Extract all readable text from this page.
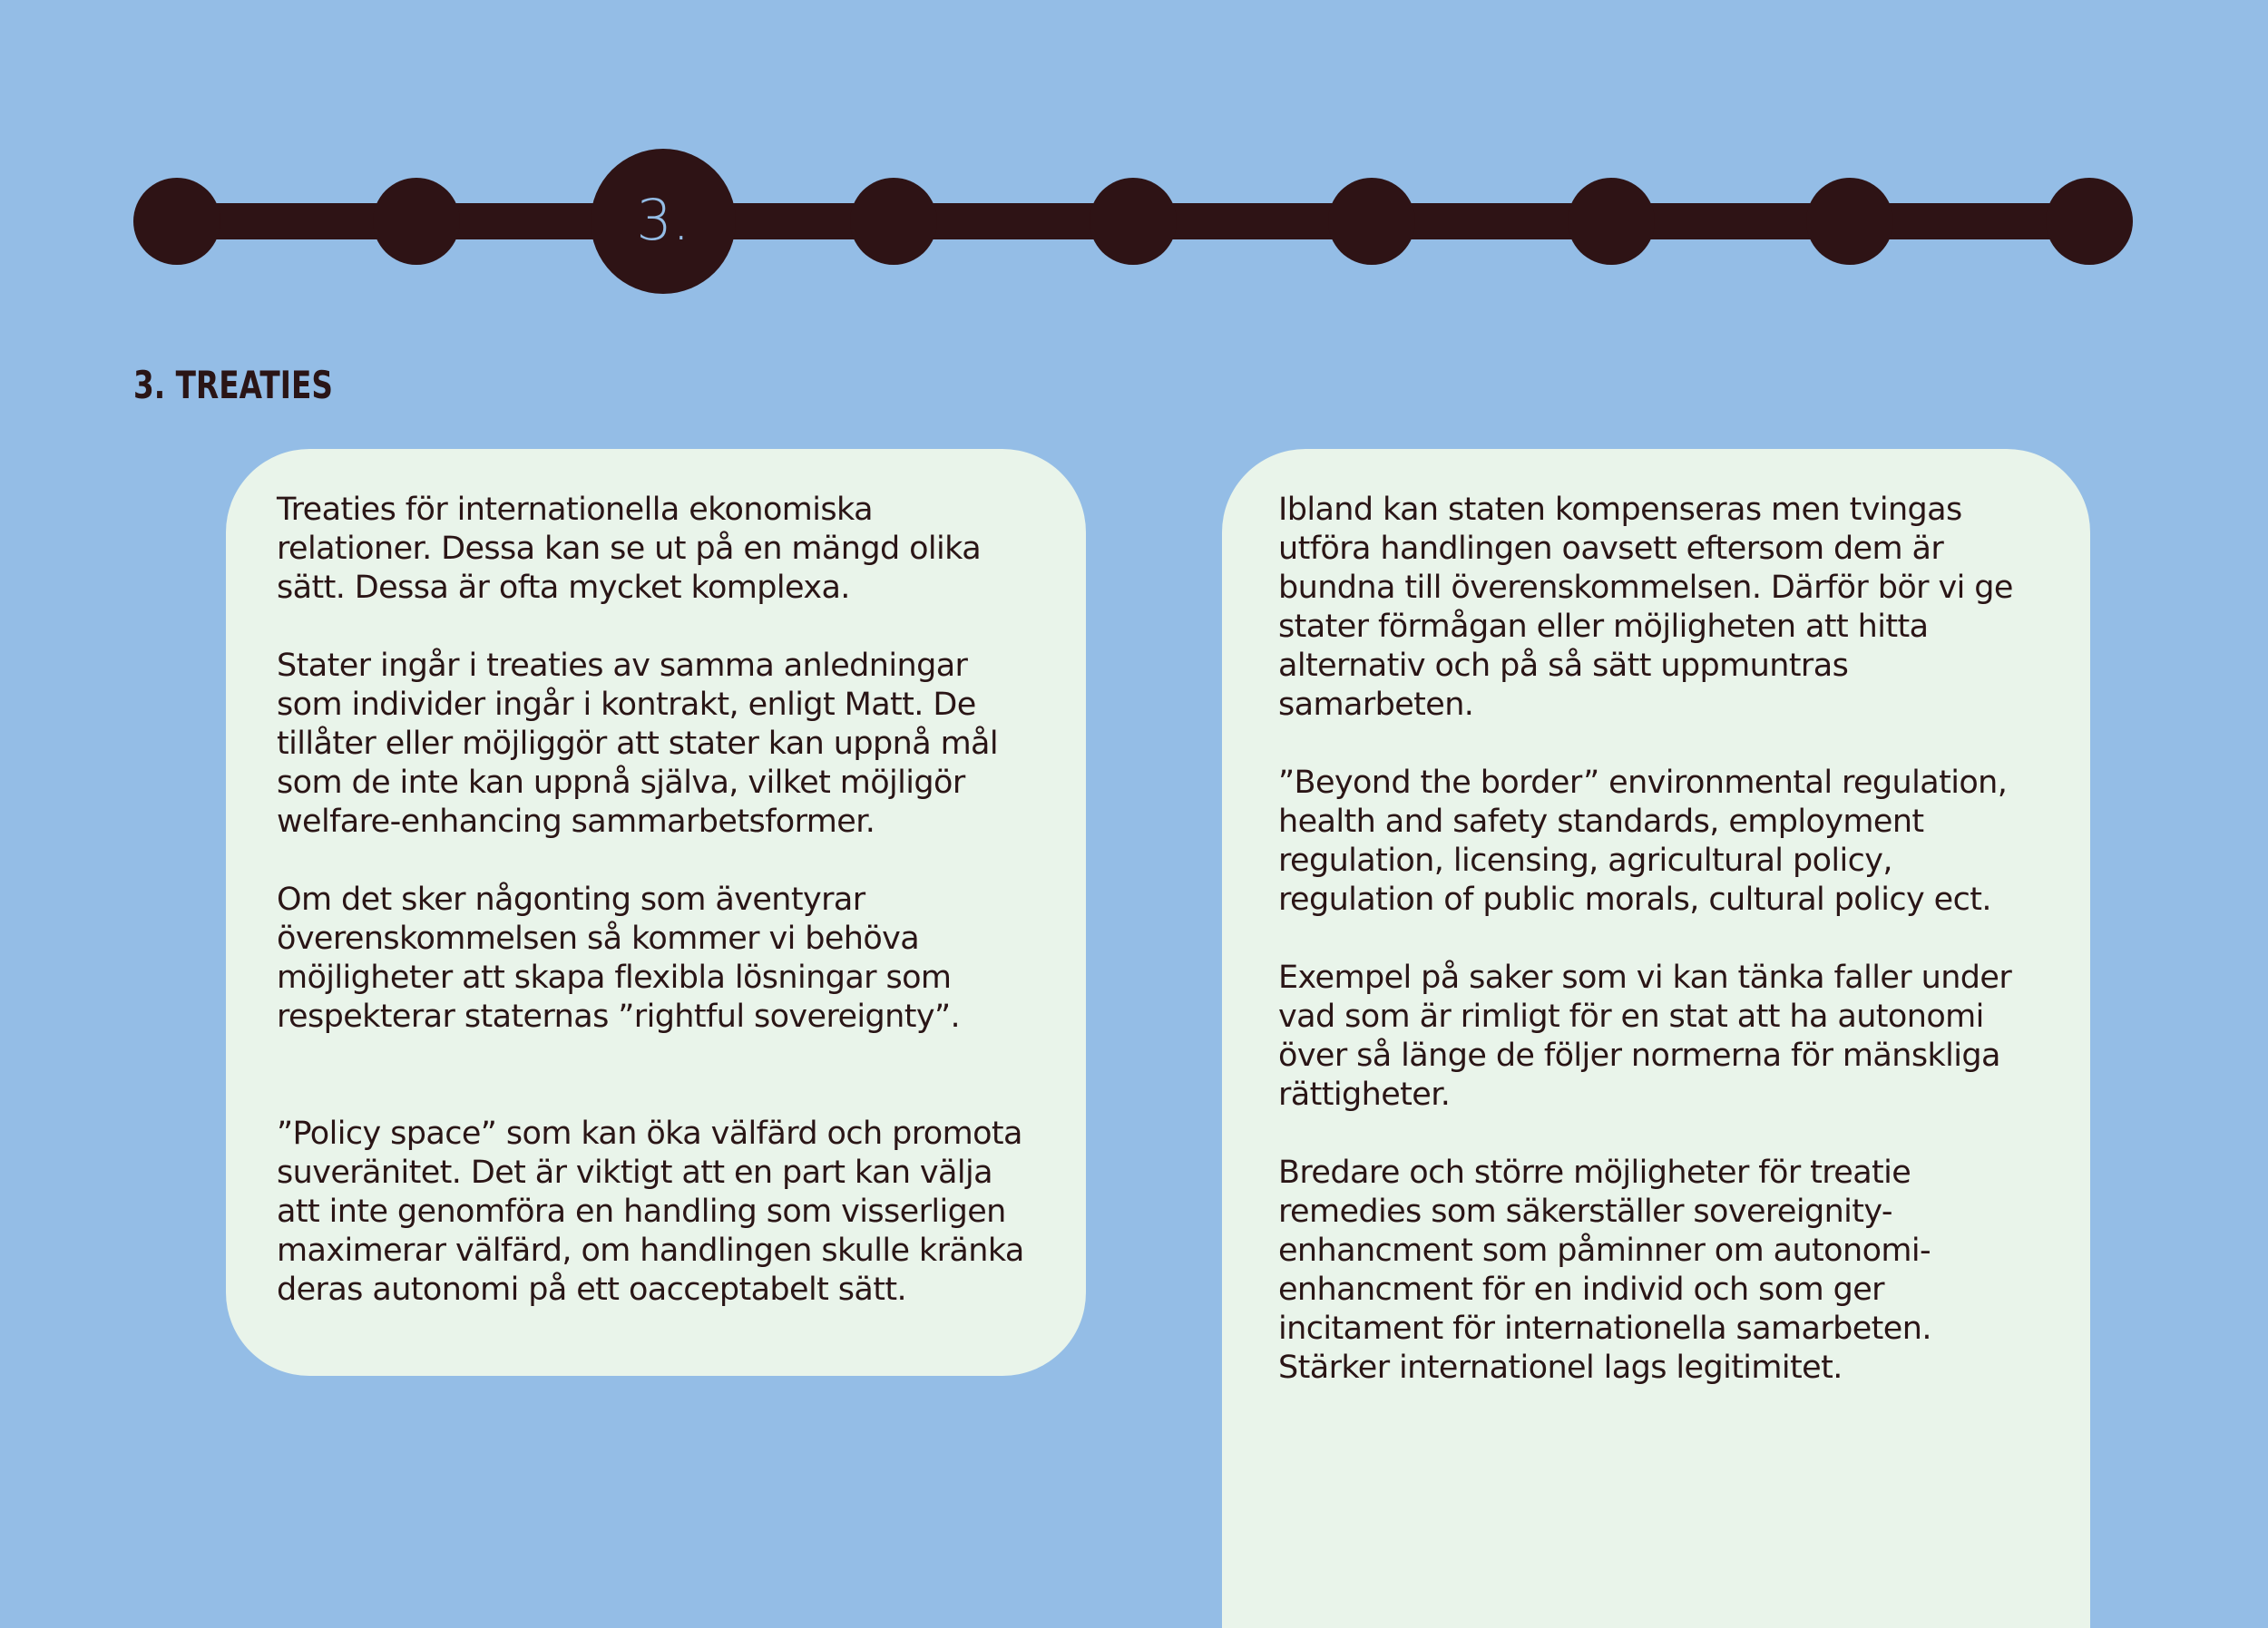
3.
3. TREATIES

Treaties för internationella ekonomiska
relationer. Dessa kan se ut på en mängd olika
sätt. Dessa är ofta mycket komplexa.

Stater ingår i treaties av samma anledningar
som individer ingår i kontrakt, enligt Matt. De
tillåter eller möjliggör att stater kan uppnå mål
som de inte kan uppnå själva, vilket möjligör
welfare-enhancing sammarbetsformer.

Om det sker någonting som äventyrar
överenskommelsen så kommer vi behöva
möjligheter att skapa flexibla lösningar som
respekterar staternas ”rightful sovereignty”.

”Policy space” som kan öka välfärd och promota
suveränitet. Det är viktigt att en part kan välja
att inte genomföra en handling som visserligen
maximerar välfärd, om handlingen skulle kränka
deras autonomi på ett oacceptabelt sätt.

Ibland kan staten kompenseras men tvingas
utföra handlingen oavsett eftersom dem är
bundna till överenskommelsen. Därför bör vi ge
stater förmågan eller möjligheten att hitta
alternativ och på så sätt uppmuntras
samarbeten.

”Beyond the border” environmental regulation,
health and safety standards, employment
regulation, licensing, agricultural policy,
regulation of public morals, cultural policy ect.

Exempel på saker som vi kan tänka faller under
vad som är rimligt för en stat att ha autonomi
över så länge de följer normerna för mänskliga
rättigheter.

Bredare och större möjligheter för treatie
remedies som säkerställer sovereignity-
enhancment som påminner om autonomi-
enhancment för en individ och som ger
incitament för internationella samarbeten.
Stärker internationel lags legitimitet.
